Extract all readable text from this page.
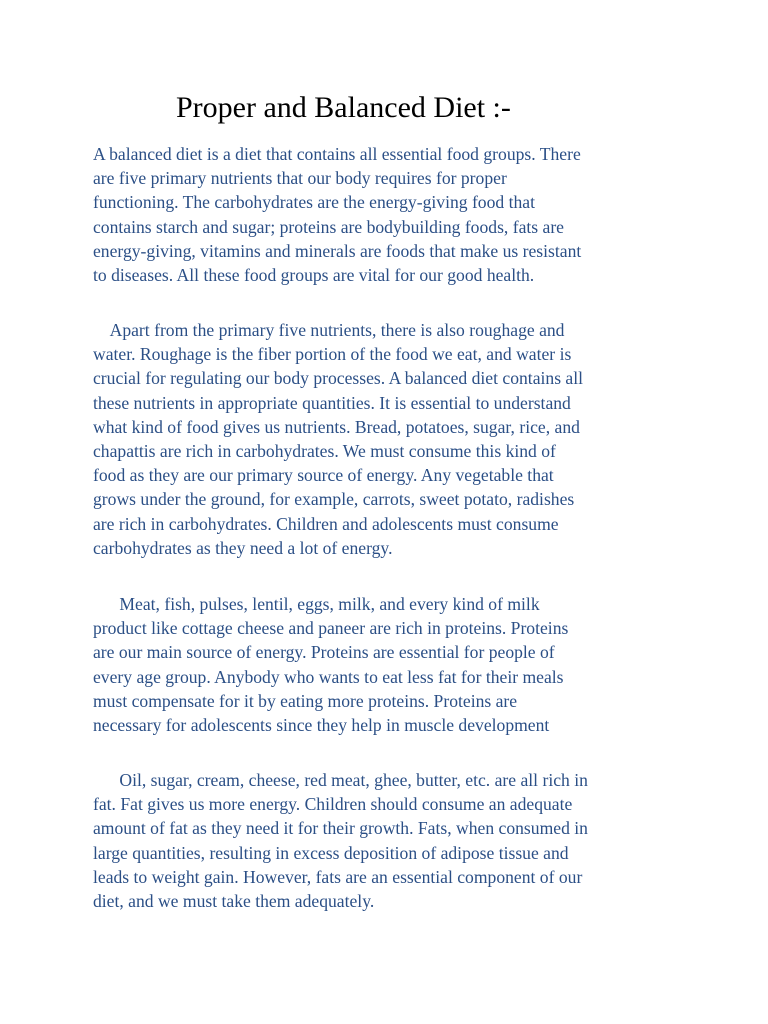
Proper and Balanced Diet :-

A balanced diet is a diet that contains all essential food groups. There
are five primary nutrients that our body requires for proper
functioning. The carbohydrates are the energy-giving food that
contains starch and sugar; proteins are bodybuilding foods, fats are
energy-giving, vitamins and minerals are foods that make us resistant
to diseases. All these food groups are vital for our good health.

Apart from the primary five nutrients, there is also roughage and
water. Roughage is the fiber portion of the food we eat, and water is
crucial for regulating our body processes. A balanced diet contains all
these nutrients in appropriate quantities. It is essential to understand
what kind of food gives us nutrients. Bread, potatoes, sugar, rice, and
chapattis are rich in carbohydrates. We must consume this kind of
food as they are our primary source of energy. Any vegetable that
grows under the ground, for example, carrots, sweet potato, radishes
are rich in carbohydrates. Children and adolescents must consume
carbohydrates as they need a lot of energy.

Meat, fish, pulses, lentil, eggs, milk, and every kind of milk
product like cottage cheese and paneer are rich in proteins. Proteins
are our main source of energy. Proteins are essential for people of
every age group. Anybody who wants to eat less fat for their meals
must compensate for it by eating more proteins. Proteins are
necessary for adolescents since they help in muscle development

Oil, sugar, cream, cheese, red meat, ghee, butter, etc. are all rich in
fat. Fat gives us more energy. Children should consume an adequate
amount of fat as they need it for their growth. Fats, when consumed in
large quantities, resulting in excess deposition of adipose tissue and
leads to weight gain. However, fats are an essential component of our
diet, and we must take them adequately.
